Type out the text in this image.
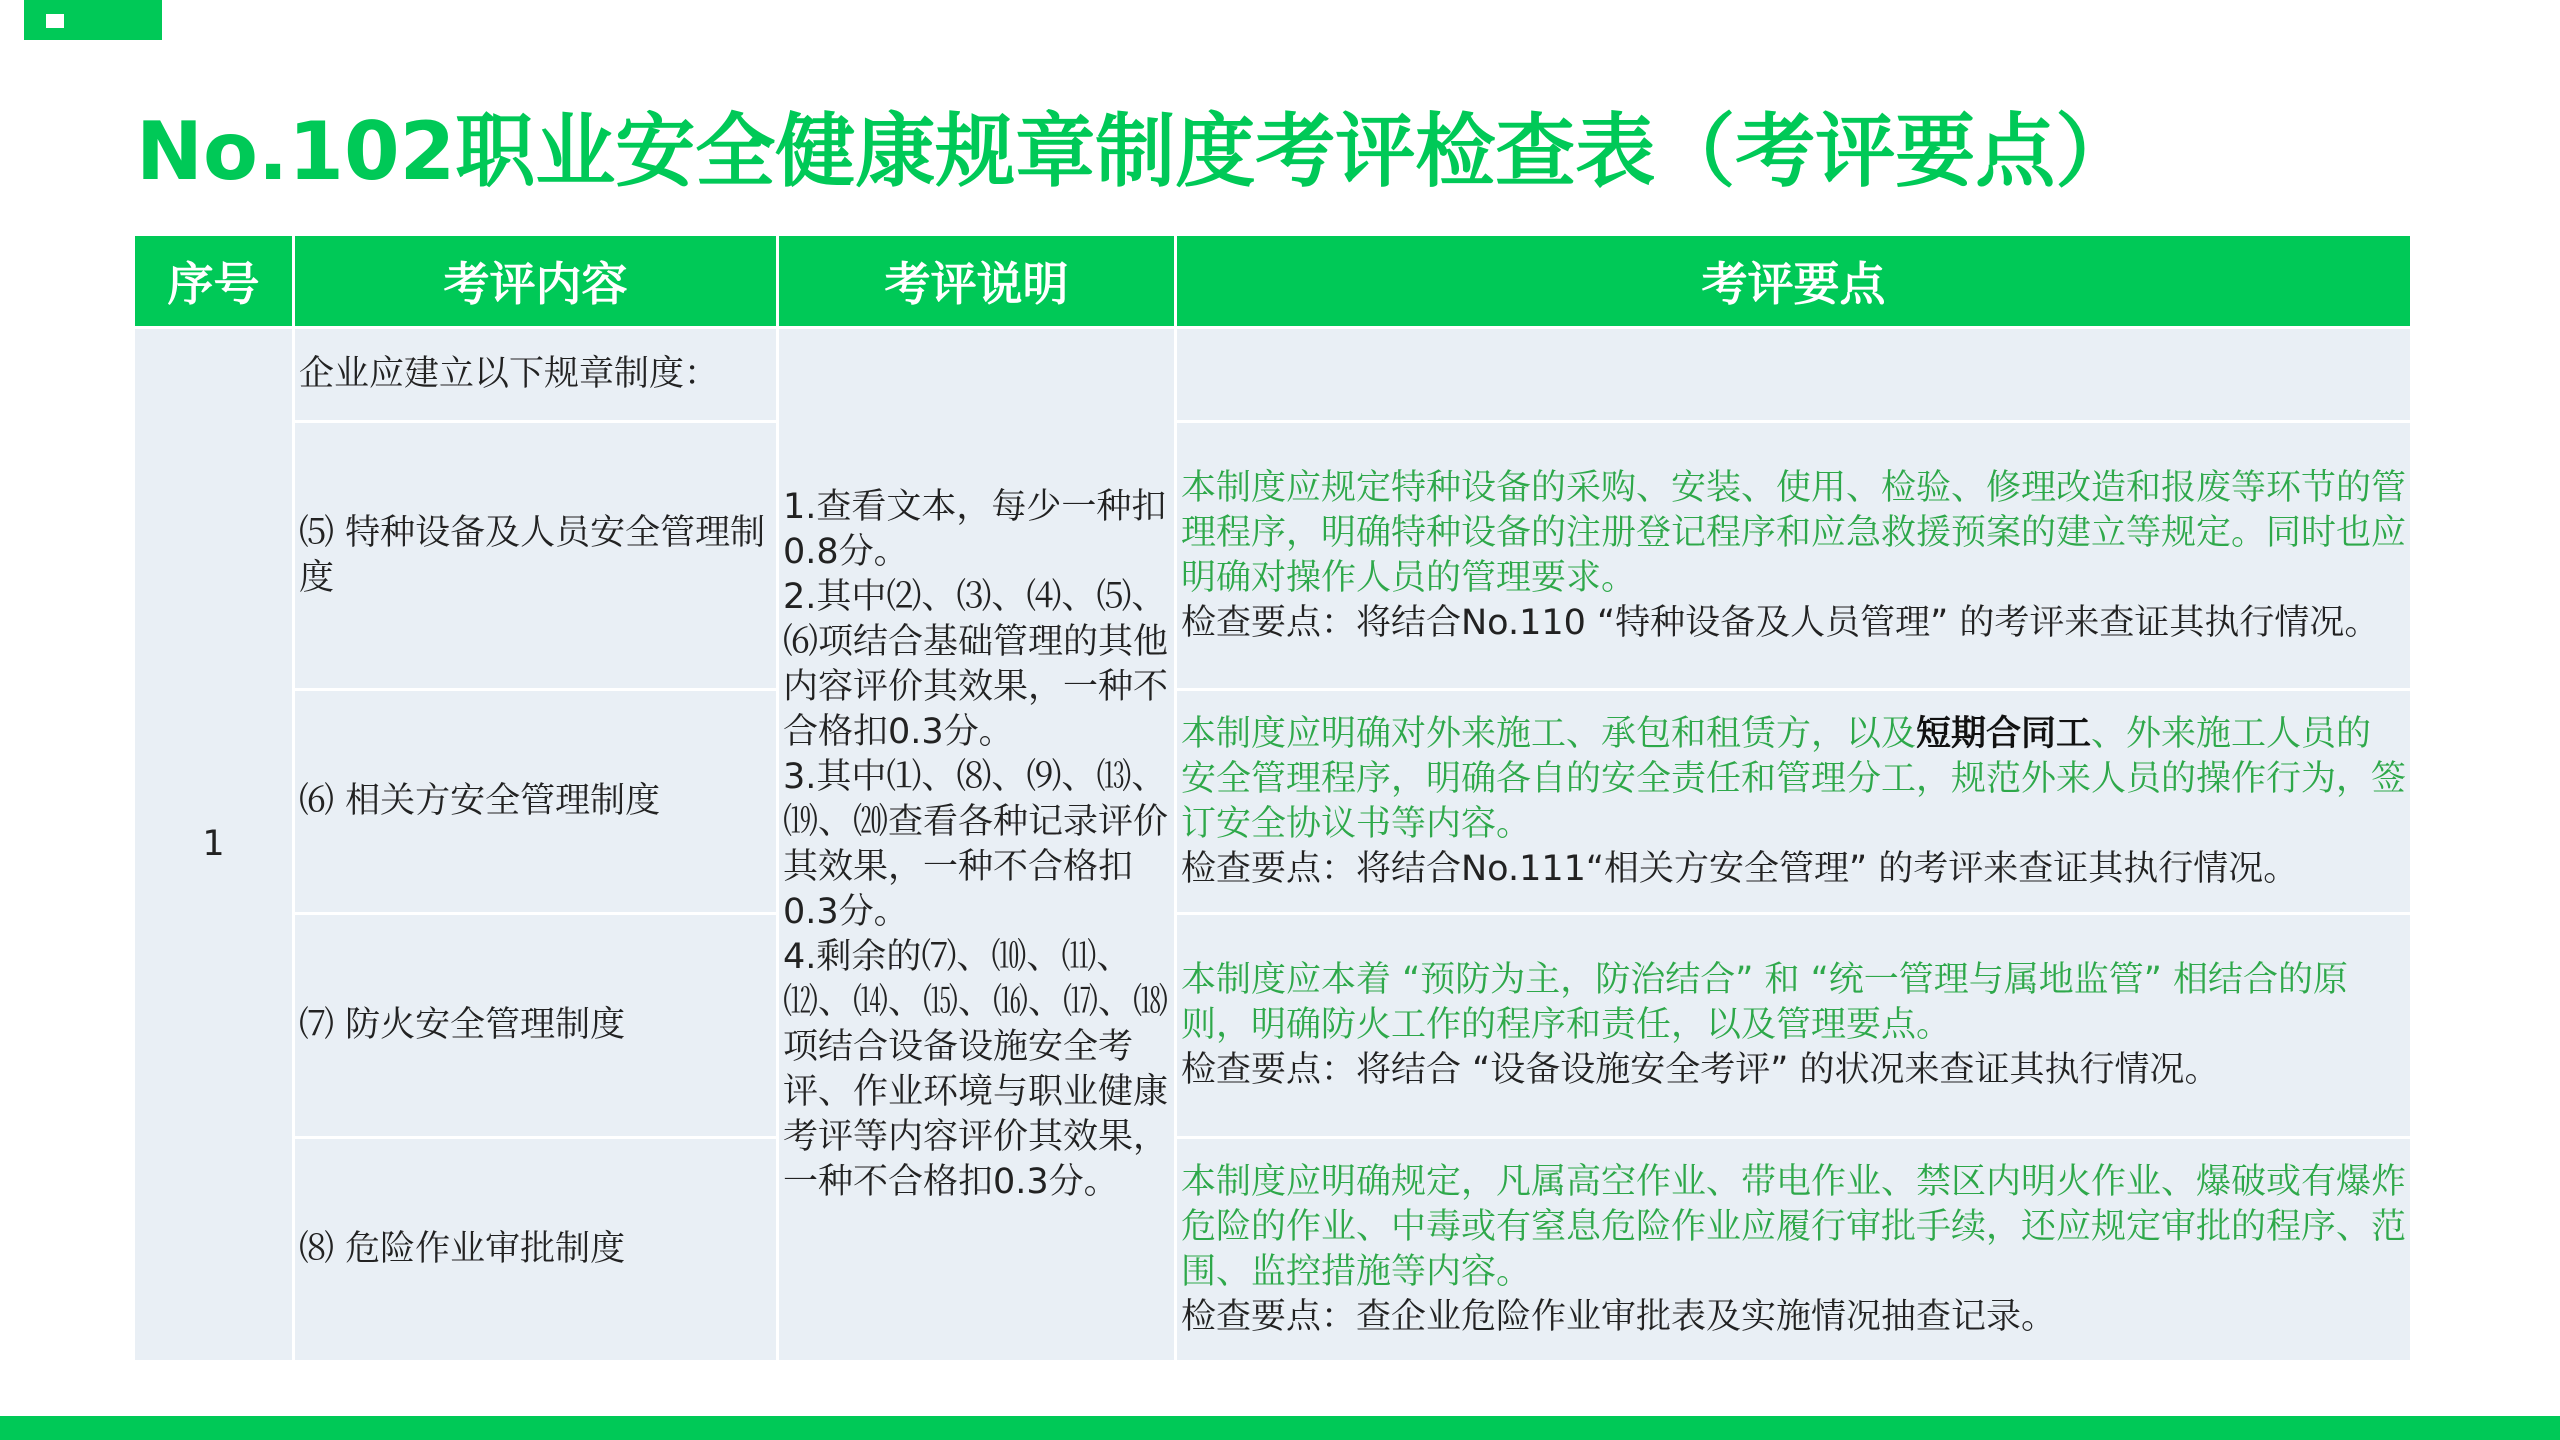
No.102职业安全健康规章制度考评检查表（考评要点）
序号	考评内容	考评说明	考评要点
1	企业应建立以下规章制度：	1.查看文本，每少一种扣0.8分。

2.其中⑵、⑶、⑷、⑸、⑹项结合基础管理的其他内容评价其效果，一种不合格扣0.3分。

3.其中⑴、⑻、⑼、⒀、⒆、⒇查看各种记录评价其效果，一种不合格扣0.3分。

4.剩余的⑺、⑽、⑾、⑿、⒁、⒂、⒃、⒄、⒅项结合设备设施安全考评、作业环境与职业健康考评等内容评价其效果，一种不合格扣0.3分。	

	⑸ 特种设备及人员安全管理制度		本制度应规定特种设备的采购、安装、使用、检验、修理改造和报废等环节的管理程序，明确特种设备的注册登记程序和应急救援预案的建立等规定。同时也应明确对操作人员的管理要求。
检查要点：将结合No.110 “特种设备及人员管理” 的考评来查证其执行情况。

	⑹ 相关方安全管理制度		本制度应明确对外来施工、承包和租赁方，以及短期合同工、外来施工人员的安全管理程序，明确各自的安全责任和管理分工，规范外来人员的操作行为，签订安全协议书等内容。
检查要点：将结合No.111“相关方安全管理” 的考评来查证其执行情况。

	⑺ 防火安全管理制度		本制度应本着 “预防为主，防治结合” 和 “统一管理与属地监管” 相结合的原则，明确防火工作的程序和责任，以及管理要点。
检查要点：将结合 “设备设施安全考评” 的状况来查证其执行情况。

	⑻ 危险作业审批制度		本制度应明确规定，凡属高空作业、带电作业、禁区内明火作业、爆破或有爆炸危险的作业、中毒或有窒息危险作业应履行审批手续，还应规定审批的程序、范围、监控措施等内容。
检查要点：查企业危险作业审批表及实施情况抽查记录。
